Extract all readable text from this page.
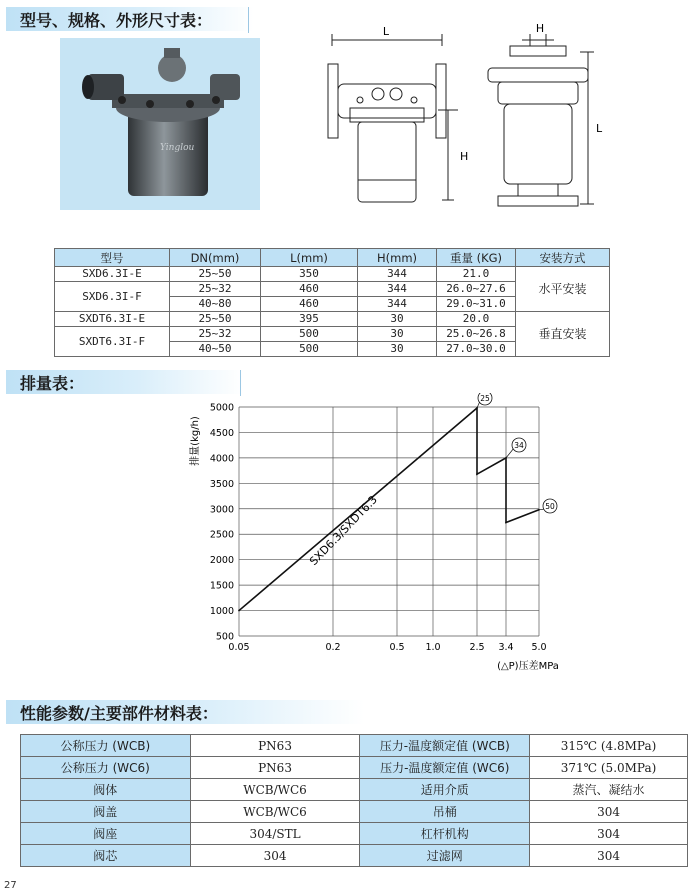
型号、规格、外形尺寸表：
Yinglou
L	H
H
L
型号	DN(mm)	L(mm)	H(mm)	重量 (KG)	安装方式
SXD6.3I-E	25~50	350	344	21.0	水平安装
SXD6.3I-F	25~32	460	344	26.0~27.6	
	40~80	460	344	29.0~31.0	
SXDT6.3I-E	25~50	395	30	20.0	垂直安装
SXDT6.3I-F	25~32	500	30	25.0~26.8	
	40~50	500	30	27.0~30.0	
排量表：
500
1000
1500
2000
2500
3000
3500
4000
4500
5000
0.05	0.2	0.5 1.0	2.5 3.4 5.0
25
34
50
排量(kg/h)
(△P)压差MPa
SXD6.3/SXDT6.3
性能参数/主要部件材料表：
公称压力 (WCB)	PN63	压力-温度额定值 (WCB)	315℃ (4.8MPa)
公称压力 (WC6)	PN63	压力-温度额定值 (WC6)	371℃ (5.0MPa)
阀体	WCB/WC6	适用介质	蒸汽、凝结水
阀盖	WCB/WC6	吊桶	304
阀座	304/STL	杠杆机构	304
阀芯	304	过滤网	304
27
